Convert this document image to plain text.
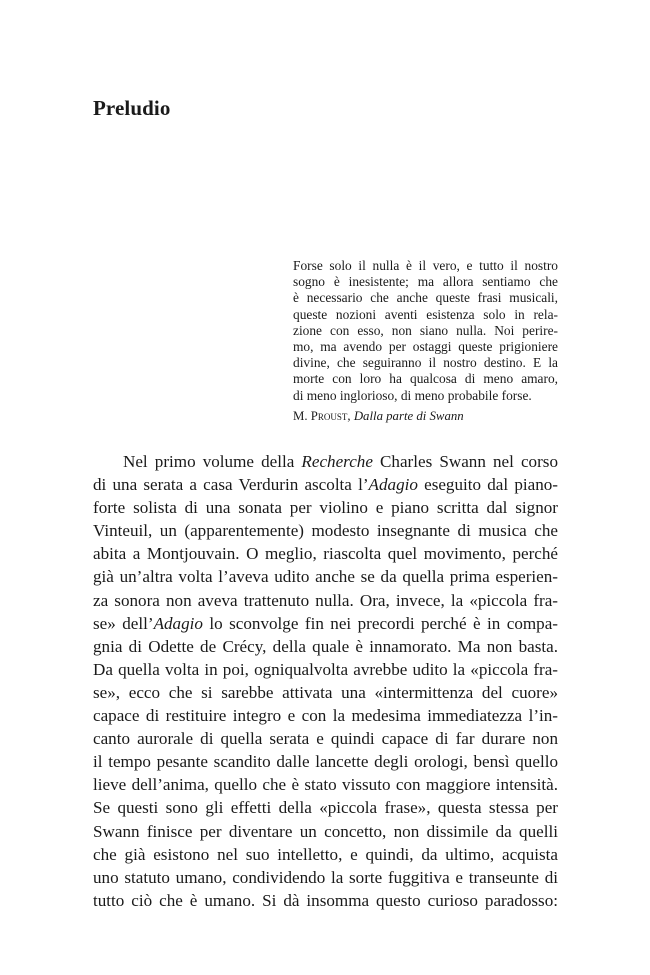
Preludio
Forse solo il nulla è il vero, e tutto il nostro
sogno è inesistente; ma allora sentiamo che
è necessario che anche queste frasi musicali,
queste nozioni aventi esistenza solo in rela-
zione con esso, non siano nulla. Noi perire-
mo, ma avendo per ostaggi queste prigioniere
divine, che seguiranno il nostro destino. E la
morte con loro ha qualcosa di meno amaro,
di meno inglorioso, di meno probabile forse.
M. Proust, Dalla parte di Swann
Nel primo volume della Recherche Charles Swann nel corso
di una serata a casa Verdurin ascolta l’Adagio eseguito dal piano-
forte solista di una sonata per violino e piano scritta dal signor
Vinteuil, un (apparentemente) modesto insegnante di musica che
abita a Montjouvain. O meglio, riascolta quel movimento, perché
già un’altra volta l’aveva udito anche se da quella prima esperien-
za sonora non aveva trattenuto nulla. Ora, invece, la «piccola fra-
se» dell’Adagio lo sconvolge fin nei precordi perché è in compa-
gnia di Odette de Crécy, della quale è innamorato. Ma non basta.
Da quella volta in poi, ogniqualvolta avrebbe udito la «piccola fra-
se», ecco che si sarebbe attivata una «intermittenza del cuore»
capace di restituire integro e con la medesima immediatezza l’in-
canto aurorale di quella serata e quindi capace di far durare non
il tempo pesante scandito dalle lancette degli orologi, bensì quello
lieve dell’anima, quello che è stato vissuto con maggiore intensità.
Se questi sono gli effetti della «piccola frase», questa stessa per
Swann finisce per diventare un concetto, non dissimile da quelli
che già esistono nel suo intelletto, e quindi, da ultimo, acquista
uno statuto umano, condividendo la sorte fuggitiva e transeunte di
tutto ciò che è umano. Si dà insomma questo curioso paradosso:
